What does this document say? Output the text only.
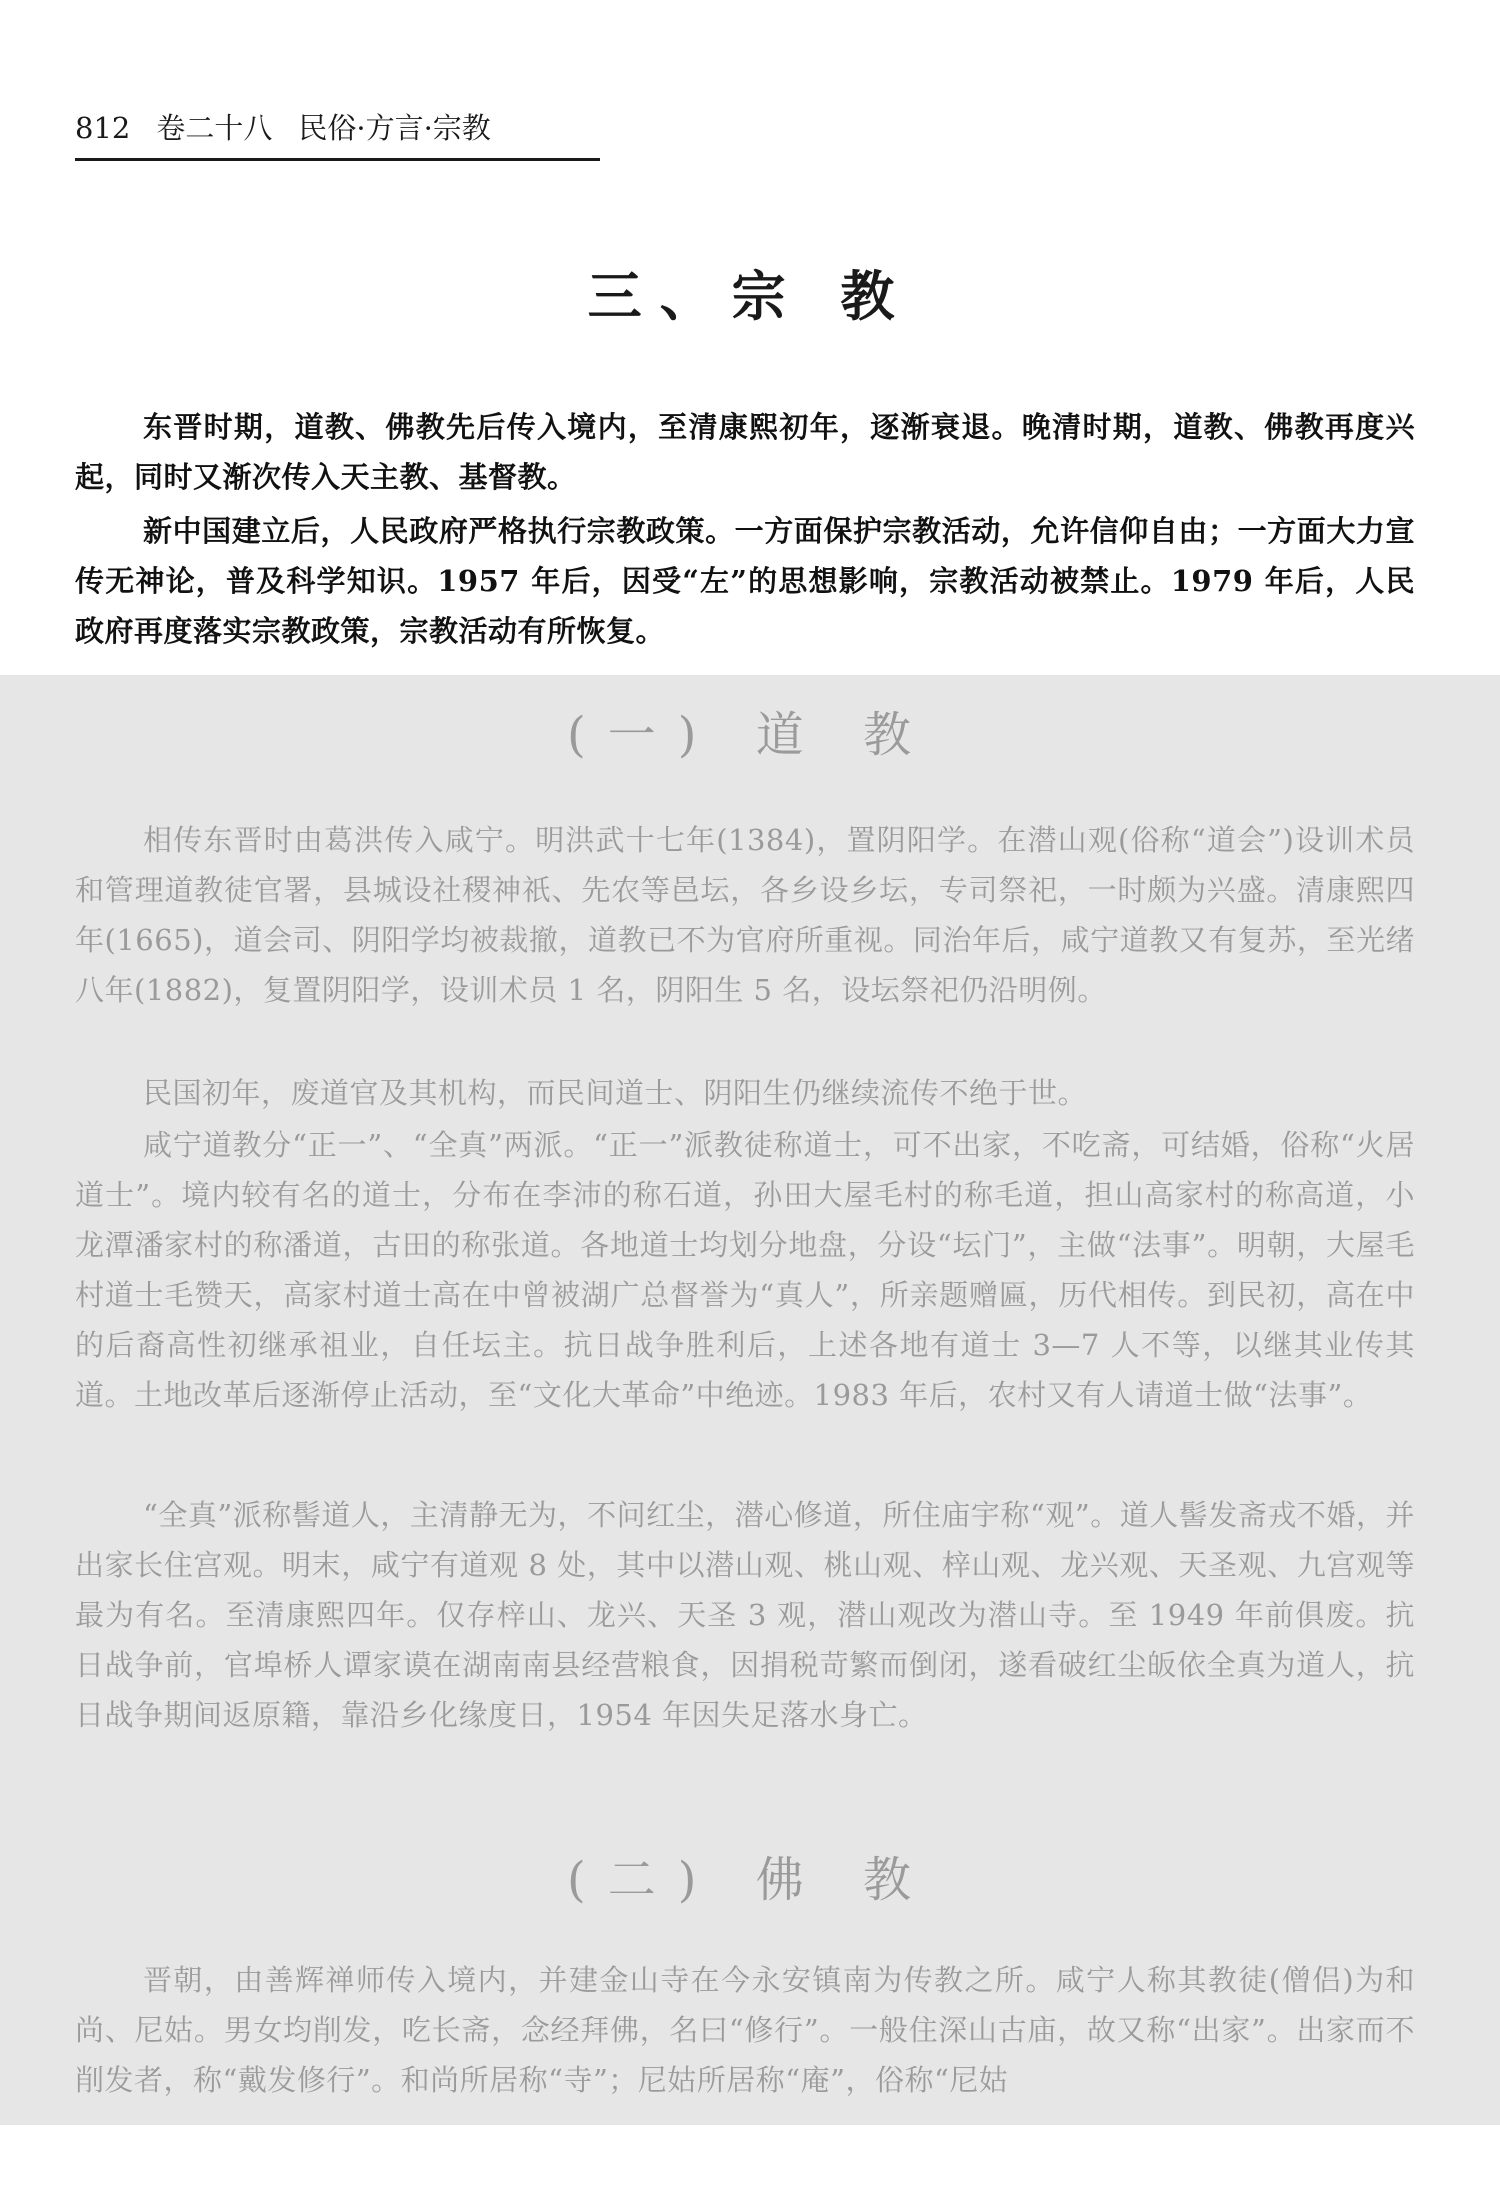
812 卷二十八 民俗·方言·宗教
三、宗 教

东晋时期，道教、佛教先后传入境内，至清康熙初年，逐渐衰退。晚清时期，道教、佛教再度兴起，同时又渐次传入天主教、基督教。

新中国建立后，人民政府严格执行宗教政策。一方面保护宗教活动，允许信仰自由；一方面大力宣传无神论，普及科学知识。1957 年后，因受“左”的思想影响，宗教活动被禁止。1979 年后，人民政府再度落实宗教政策，宗教活动有所恢复。

(一) 道 教

相传东晋时由葛洪传入咸宁。明洪武十七年(1384)，置阴阳学。在潜山观(俗称“道会”)设训术员和管理道教徒官署，县城设社稷神祇、先农等邑坛，各乡设乡坛，专司祭祀，一时颇为兴盛。清康熙四年(1665)，道会司、阴阳学均被裁撤，道教已不为官府所重视。同治年后，咸宁道教又有复苏，至光绪八年(1882)，复置阴阳学，设训术员 1 名，阴阳生 5 名，设坛祭祀仍沿明例。

民国初年，废道官及其机构，而民间道士、阴阳生仍继续流传不绝于世。

咸宁道教分“正一”、“全真”两派。“正一”派教徒称道士，可不出家，不吃斋，可结婚，俗称“火居道士”。境内较有名的道士，分布在李沛的称石道，孙田大屋毛村的称毛道，担山高家村的称高道，小龙潭潘家村的称潘道，古田的称张道。各地道士均划分地盘，分设“坛门”，主做“法事”。明朝，大屋毛村道士毛赞天，高家村道士高在中曾被湖广总督誉为“真人”，所亲题赠匾，历代相传。到民初，高在中的后裔高性初继承祖业，自任坛主。抗日战争胜利后，上述各地有道士 3—7 人不等，以继其业传其道。土地改革后逐渐停止活动，至“文化大革命”中绝迹。1983 年后，农村又有人请道士做“法事”。

“全真”派称髻道人，主清静无为，不问红尘，潜心修道，所住庙宇称“观”。道人髻发斋戎不婚，并出家长住宫观。明末，咸宁有道观 8 处，其中以潜山观、桃山观、梓山观、龙兴观、天圣观、九宫观等最为有名。至清康熙四年。仅存梓山、龙兴、天圣 3 观，潜山观改为潜山寺。至 1949 年前俱废。抗日战争前，官埠桥人谭家谟在湖南南县经营粮食，因捐税苛繁而倒闭，遂看破红尘皈依全真为道人，抗日战争期间返原籍，靠沿乡化缘度日，1954 年因失足落水身亡。

(二) 佛 教

晋朝，由善辉禅师传入境内，并建金山寺在今永安镇南为传教之所。咸宁人称其教徒(僧侣)为和尚、尼姑。男女均削发，吃长斋，念经拜佛，名曰“修行”。一般住深山古庙，故又称“出家”。出家而不削发者，称“戴发修行”。和尚所居称“寺”；尼姑所居称“庵”，俗称“尼姑
